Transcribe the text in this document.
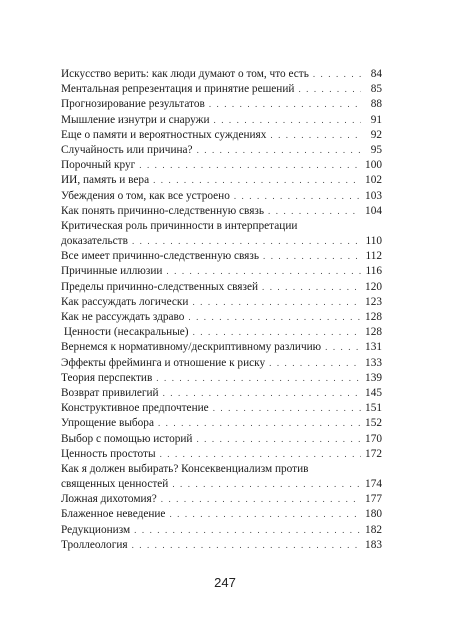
Искусство верить: как люди думают о том, что есть . . .	84
Ментальная репрезентация и принятие решений . . .	85
Прогнозирование результатов . . .	88
Мышление изнутри и снаружи . . .	91
Еще о памяти и вероятностных суждениях . . .	92
Случайность или причина? . . .	95
Порочный круг . . .	100
ИИ, память и вера . . .	102
Убеждения о том, как все устроено . . .	103
Как понять причинно-следственную связь . . .	104
Критическая роль причинности в интерпретации
доказательств . . .	110
Все имеет причинно-следственную связь . . .	112
Причинные иллюзии . . .	116
Пределы причинно-следственных связей . . .	120
Как рассуждать логически . . .	123
Как не рассуждать здраво . . .	128
Ценности (несакральные) . . .	128
Вернемся к нормативному/дескриптивному различию . . .	131
Эффекты фрейминга и отношение к риску . . .	133
Теория перспектив . . .	139
Возврат привилегий . . .	145
Конструктивное предпочтение . . .	151
Упрощение выбора . . .	152
Выбор с помощью историй . . .	170
Ценность простоты . . .	172
Как я должен выбирать? Консеквенциализм против
священных ценностей . . .	174
Ложная дихотомия? . . .	177
Блаженное неведение . . .	180
Редукционизм . . .	182
Троллеология . . .	183
247
